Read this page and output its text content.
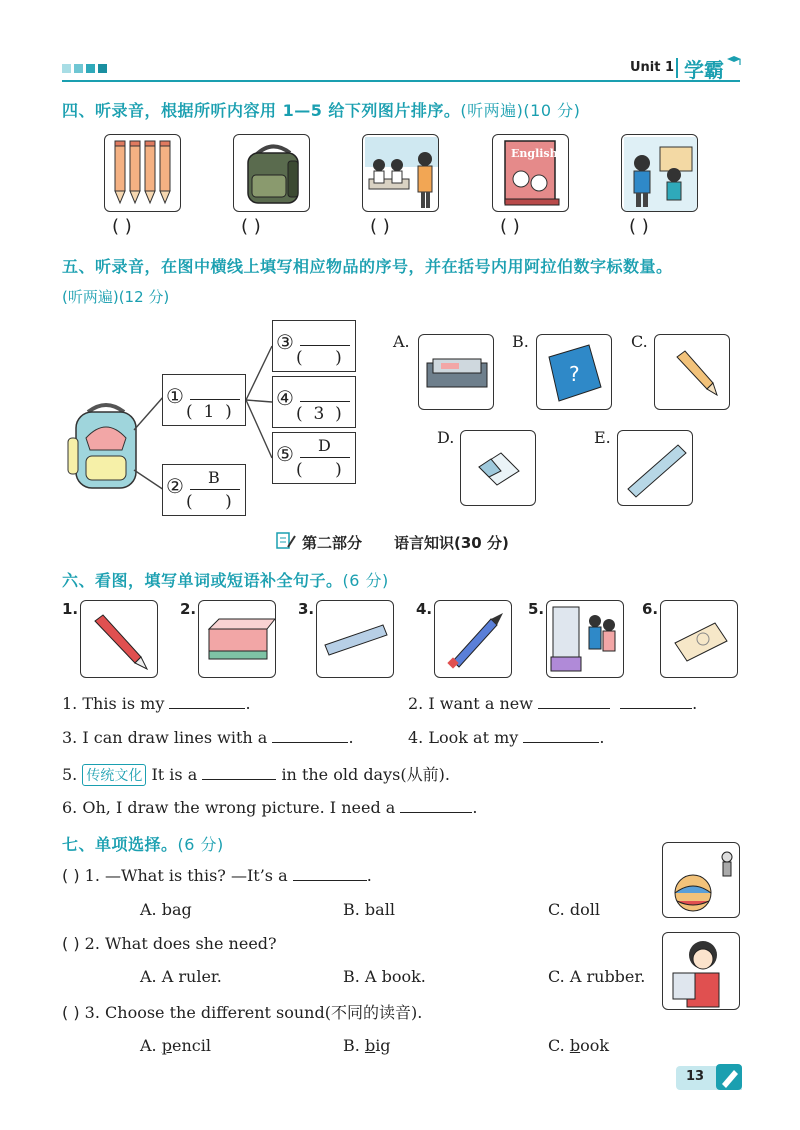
Unit 1 学霸
四、听录音，根据所听内容用 1—5 给下列图片排序。(听两遍)(10 分)
English
( )	( )	( )	( )	( )
五、听录音，在图中横线上填写相应物品的序号，并在括号内用阿拉伯数字标数量。
(听两遍)(12 分)
①
( 1 )
② B
( )
③
( )
④
( 3 )
⑤ D
( )
A.	B.
?
C.
D.	E.
第二部分 语言知识(30 分)
六、看图，填写单词或短语补全句子。(6 分)
1.	2.	3.	4.	5.	6.
1. This is my	.	2. I want a new	.
3. I can draw lines with a	.	4. Look at my	.
5. 传统文化 It is a	in the old days(从前).
6. Oh, I draw the wrong picture. I need a	.
七、单项选择。(6 分)
( ) 1. —What is this? —It’s a	.
A. bag	B. ball	C. doll
( ) 2. What does she need?
A. A ruler.	B. A book.	C. A rubber.
( ) 3. Choose the different sound(不同的读音).
A. pencil	B. big	C. book
13
